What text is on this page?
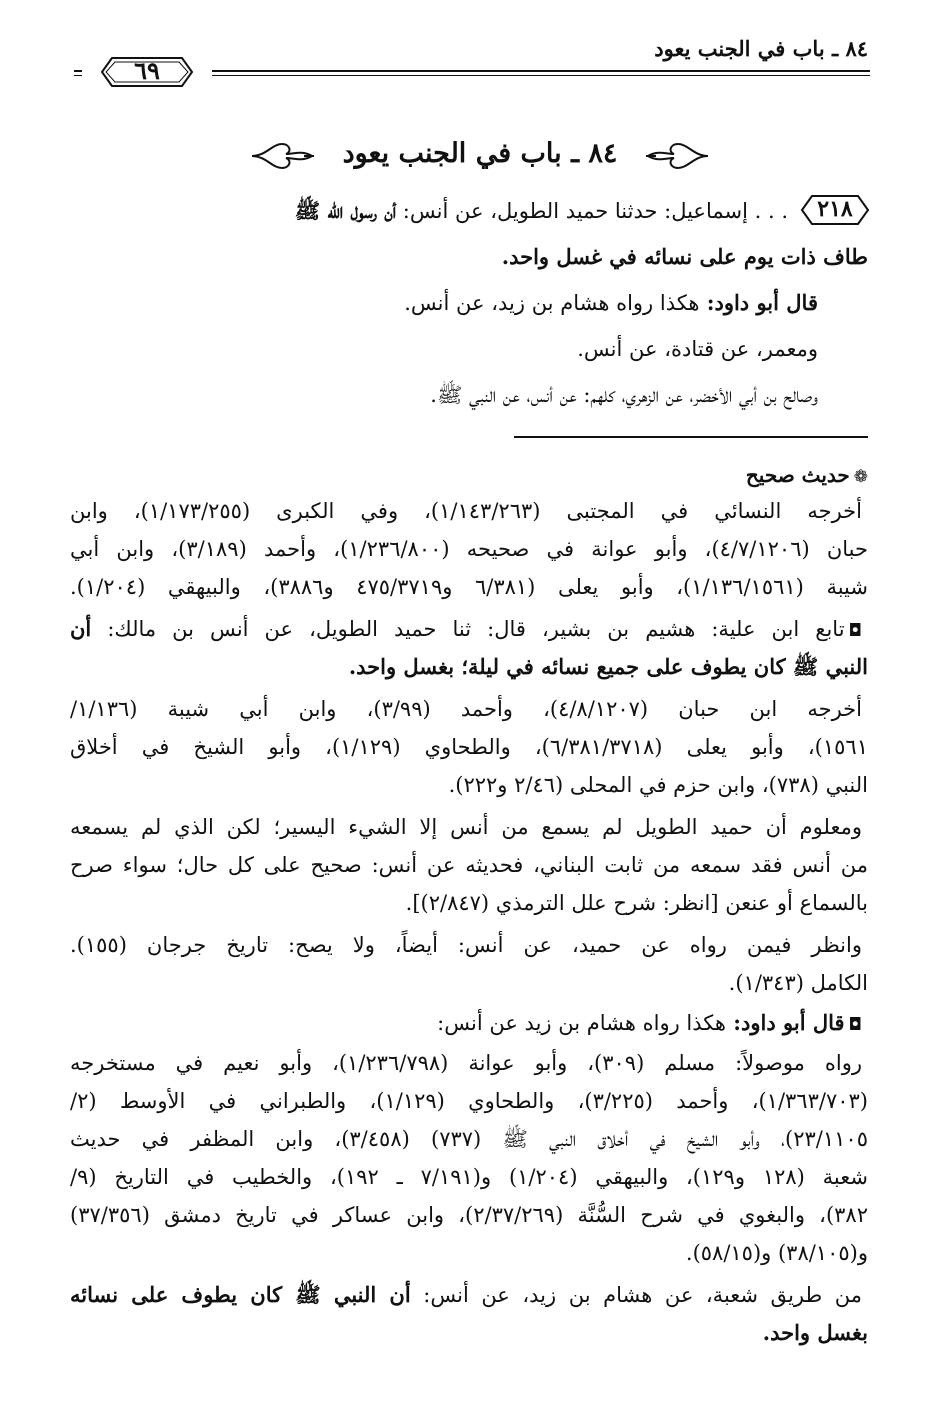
٨٤ ـ باب في الجنب يعود
٦٩
٨٤ ـ باب في الجنب يعود
٢١٨
. . . إسماعيل: حدثنا حميد الطويل، عن أنس: أن رسول الله ﷺ
طاف ذات يوم على نسائه في غسل واحد.
قال أبو داود: هكذا رواه هشام بن زيد، عن أنس.
ومعمر، عن قتادة، عن أنس.
وصالح بن أبي الأخضر، عن الزهري، كلهم: عن أنس، عن النبي ﷺ.
❁حديث صحيح
أخرجه النسائي في المجتبى (١/١٤٣/٢٦٣)، وفي الكبرى (١/١٧٣/٢٥٥)، وابن
حبان (٤/٧/١٢٠٦)، وأبو عوانة في صحيحه (١/٢٣٦/٨٠٠)، وأحمد (٣/١٨٩)، وابن أبي
شيبة (١/١٣٦/١٥٦١)، وأبو يعلى (٦/٣٨١ و٤٧٥/٣٧١٩ و٣٨٨٦)، والبيهقي (١/٢٠٤).
◘تابع ابن علية: هشيم بن بشير، قال: ثنا حميد الطويل، عن أنس بن مالك: أن
النبي ﷺ كان يطوف على جميع نسائه في ليلة؛ بغسل واحد.
أخرجه ابن حبان (٤/٨/١٢٠٧)، وأحمد (٣/٩٩)، وابن أبي شيبة (١/١٣٦/
١٥٦١)، وأبو يعلى (٦/٣٨١/٣٧١٨)، والطحاوي (١/١٢٩)، وأبو الشيخ في أخلاق
النبي (٧٣٨)، وابن حزم في المحلى (٢/٤٦ و٢٢٢).
ومعلوم أن حميد الطويل لم يسمع من أنس إلا الشيء اليسير؛ لكن الذي لم يسمعه
من أنس فقد سمعه من ثابت البناني، فحديثه عن أنس: صحيح على كل حال؛ سواء صرح
بالسماع أو عنعن [انظر: شرح علل الترمذي (٢/٨٤٧)].
وانظر فيمن رواه عن حميد، عن أنس: أيضاً، ولا يصح: تاريخ جرجان (١٥٥).
الكامل (١/٣٤٣).
◘قال أبو داود: هكذا رواه هشام بن زيد عن أنس:
رواه موصولاً: مسلم (٣٠٩)، وأبو عوانة (١/٢٣٦/٧٩٨)، وأبو نعيم في مستخرجه
(١/٣٦٣/٧٠٣)، وأحمد (٣/٢٢٥)، والطحاوي (١/١٢٩)، والطبراني في الأوسط (٢/
٢٣/١١٠٥)، وأبو الشيخ في أخلاق النبي ﷺ (٧٣٧) (٣/٤٥٨)، وابن المظفر في حديث
شعبة (١٢٨ و١٢٩)، والبيهقي (١/٢٠٤) و(٧/١٩١ ـ ١٩٢)، والخطيب في التاريخ (٩/
٣٨٢)، والبغوي في شرح السُّنَّة (٢/٣٧/٢٦٩)، وابن عساكر في تاريخ دمشق (٣٧/٣٥٦)
و(٣٨/١٠٥) و(٥٨/١٥).
من طريق شعبة، عن هشام بن زيد، عن أنس: أن النبي ﷺ كان يطوف على نسائه
بغسل واحد.
